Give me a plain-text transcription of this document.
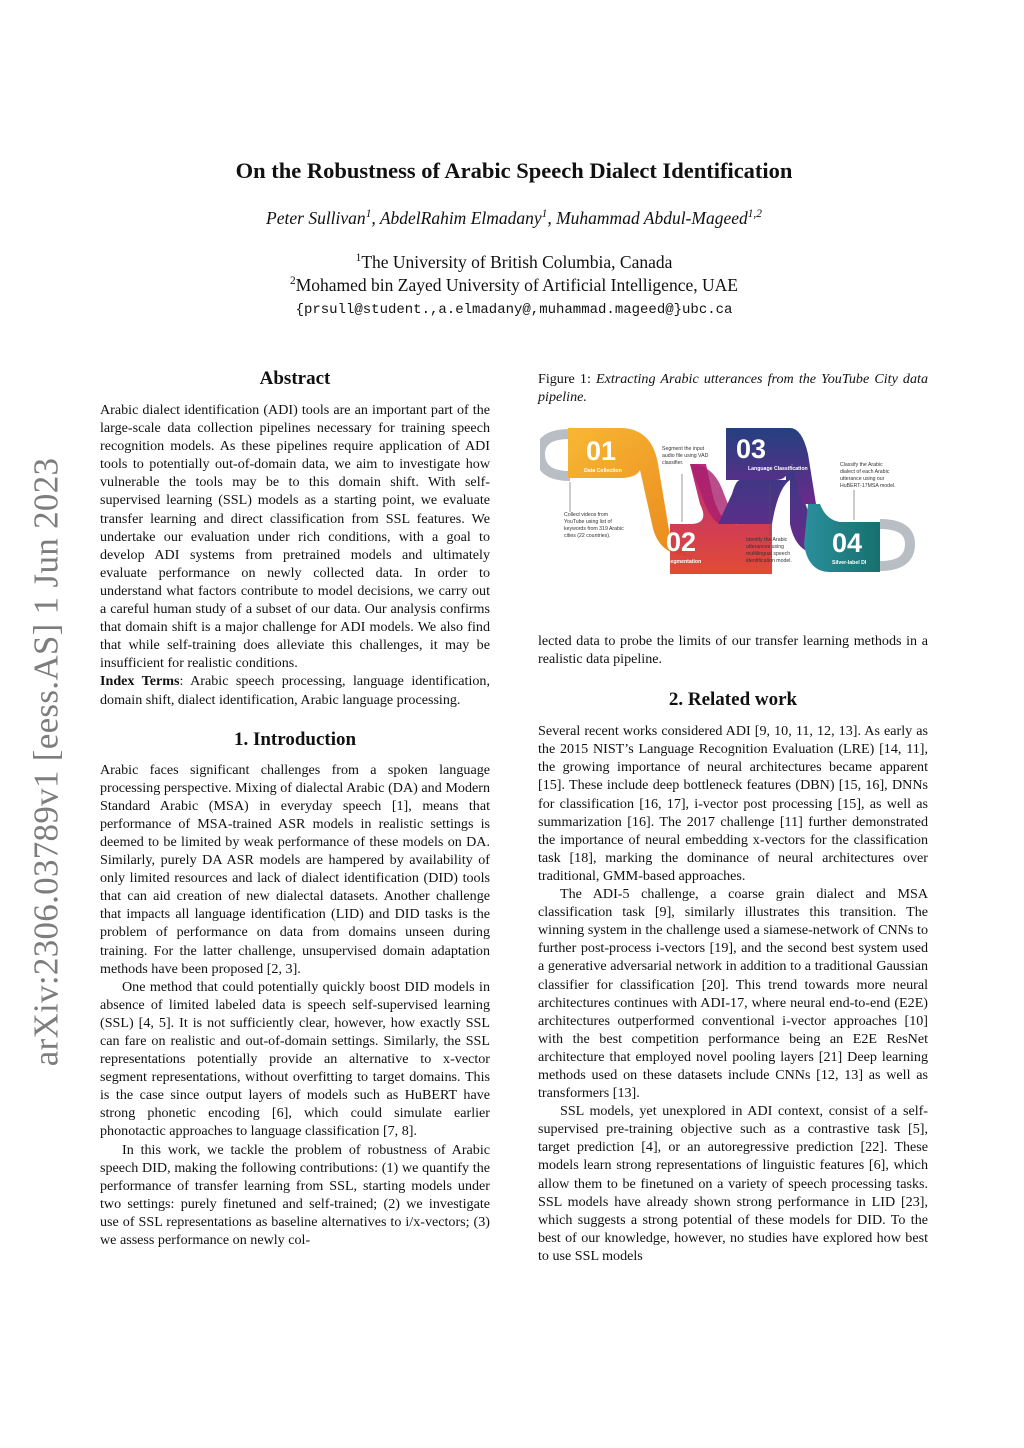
arXiv:2306.03789v1 [eess.AS] 1 Jun 2023
On the Robustness of Arabic Speech Dialect Identification
Peter Sullivan$^1$, AbdelRahim Elmadany$^1$, Muhammad Abdul-Mageed$^{1,2}$
$^1$The University of British Columbia, Canada
$^2$Mohamed bin Zayed University of Artificial Intelligence, UAE
{prsull@student.,a.elmadany@,muhammad.mageed@}ubc.ca
Abstract

Arabic dialect identification (ADI) tools are an important part of the large-scale data collection pipelines necessary for training speech recognition models. As these pipelines require application of ADI tools to potentially out-of-domain data, we aim to investigate how vulnerable the tools may be to this domain shift. With self-supervised learning (SSL) models as a starting point, we evaluate transfer learning and direct classification from SSL features. We undertake our evaluation under rich conditions, with a goal to develop ADI systems from pretrained models and ultimately evaluate performance on newly collected data. In order to understand what factors contribute to model decisions, we carry out a careful human study of a subset of our data. Our analysis confirms that domain shift is a major challenge for ADI models. We also find that while self-training does alleviate this challenges, it may be insufficient for realistic conditions.

Index Terms: Arabic speech processing, language identification, domain shift, dialect identification, Arabic language processing.

1. Introduction

Arabic faces significant challenges from a spoken language processing perspective. Mixing of dialectal Arabic (DA) and Modern Standard Arabic (MSA) in everyday speech [1], means that performance of MSA-trained ASR models in realistic settings is deemed to be limited by weak performance of these models on DA. Similarly, purely DA ASR models are hampered by availability of only limited resources and lack of dialect identification (DID) tools that can aid creation of new dialectal datasets. Another challenge that impacts all language identification (LID) and DID tasks is the problem of performance on data from domains unseen during training. For the latter challenge, unsupervised domain adaptation methods have been proposed [2, 3].

One method that could potentially quickly boost DID models in absence of limited labeled data is speech self-supervised learning (SSL) [4, 5]. It is not sufficiently clear, however, how exactly SSL can fare on realistic and out-of-domain settings. Similarly, the SSL representations potentially provide an alternative to x-vector segment representations, without overfitting to target domains. This is the case since output layers of models such as HuBERT have strong phonetic encoding [6], which could simulate earlier phonotactic approaches to language classification [7, 8].

In this work, we tackle the problem of robustness of Arabic speech DID, making the following contributions: (1) we quantify the performance of transfer learning from SSL, starting models under two settings: purely finetuned and self-trained; (2) we investigate use of SSL representations as baseline alternatives to i/x-vectors; (3) we assess performance on newly col-

Figure 1: Extracting Arabic utterances from the YouTube City data pipeline.

01
Data Collection
02
Segmentation
03
Language Classification
04
Silver-label DI
Collect videos from YouTube using list of keywords from 319 Arabic cities (22 countries).
Segment the input audio file using VAD classifier.
Identify the Arabic utterances using multilingual speech identification model.
Classify the Arabic dialect of each Arabic utterance using our HuBERT-17MSA model.

lected data to probe the limits of our transfer learning methods in a realistic data pipeline.

2. Related work

Several recent works considered ADI [9, 10, 11, 12, 13]. As early as the 2015 NIST’s Language Recognition Evaluation (LRE) [14, 11], the growing importance of neural architectures became apparent [15]. These include deep bottleneck features (DBN) [15, 16], DNNs for classification [16, 17], i-vector post processing [15], as well as summarization [16]. The 2017 challenge [11] further demonstrated the importance of neural embedding x-vectors for the classification task [18], marking the dominance of neural architectures over traditional, GMM-based approaches.

The ADI-5 challenge, a coarse grain dialect and MSA classification task [9], similarly illustrates this transition. The winning system in the challenge used a siamese-network of CNNs to further post-process i-vectors [19], and the second best system used a generative adversarial network in addition to a traditional Gaussian classifier for classification [20]. This trend towards more neural architectures continues with ADI-17, where neural end-to-end (E2E) architectures outperformed conventional i-vector approaches [10] with the best competition performance being an E2E ResNet architecture that employed novel pooling layers [21] Deep learning methods used on these datasets include CNNs [12, 13] as well as transformers [13].

SSL models, yet unexplored in ADI context, consist of a self-supervised pre-training objective such as a contrastive task [5], target prediction [4], or an autoregressive prediction [22]. These models learn strong representations of linguistic features [6], which allow them to be finetuned on a variety of speech processing tasks. SSL models have already shown strong performance in LID [23], which suggests a strong potential of these models for DID. To the best of our knowledge, however, no studies have explored how best to use SSL models
